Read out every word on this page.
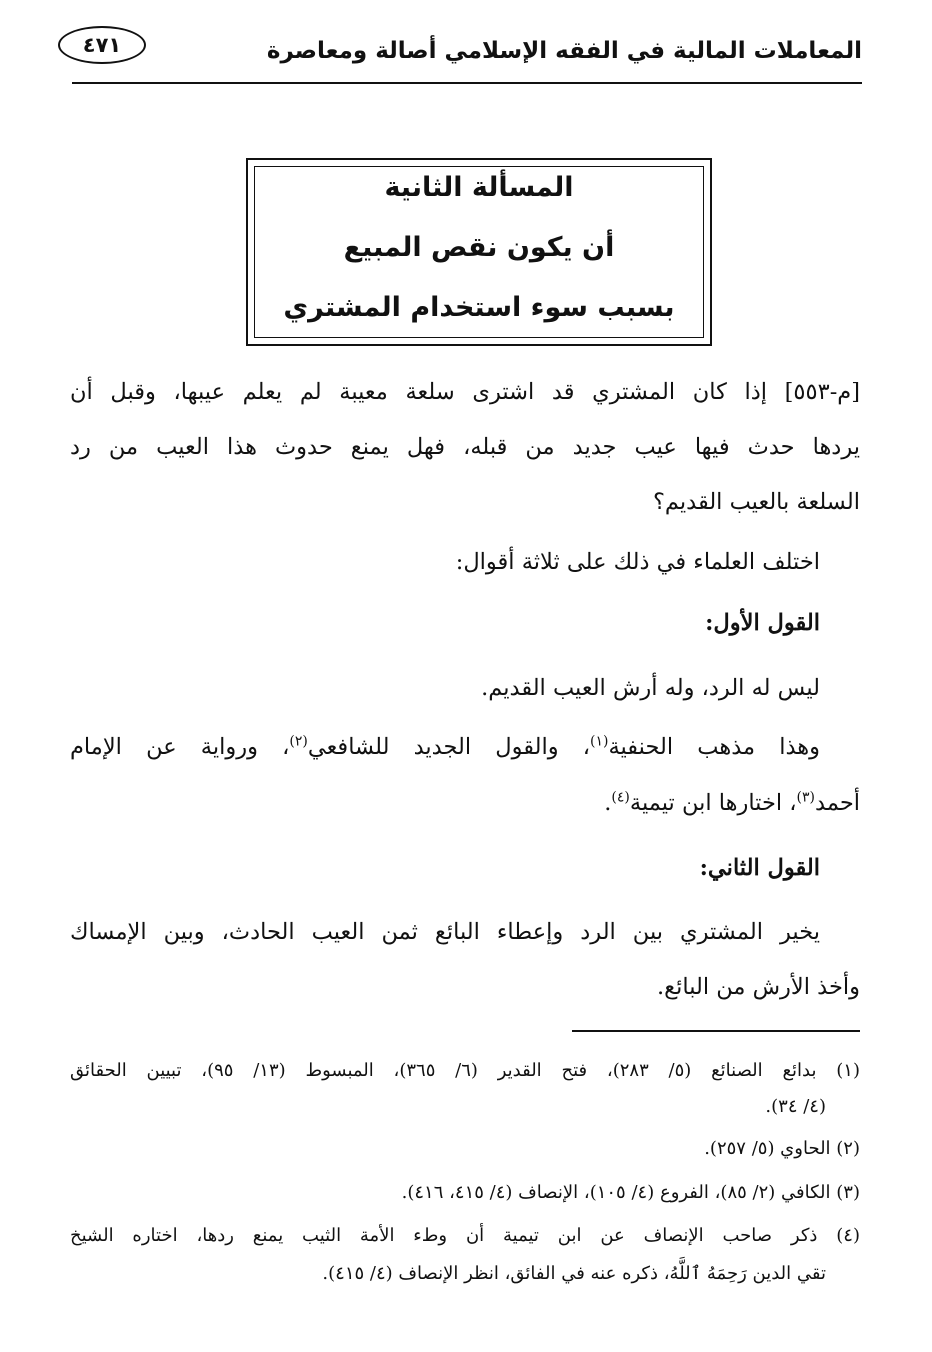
المعاملات المالية في الفقه الإسلامي أصالة ومعاصرة
٤٧١
المسألة الثانية
أن يكون نقص المبيع
بسبب سوء استخدام المشتري
[م-٥٥٣] إذا كان المشتري قد اشترى سلعة معيبة لم يعلم عيبها، وقبل أن
يردها حدث فيها عيب جديد من قبله، فهل يمنع حدوث هذا العيب من رد
السلعة بالعيب القديم؟
اختلف العلماء في ذلك على ثلاثة أقوال:
القول الأول:
ليس له الرد، وله أرش العيب القديم.
وهذا مذهب الحنفية$^{(١)}$، والقول الجديد للشافعي$^{(٢)}$، ورواية عن الإمام
أحمد$^{(٣)}$، اختارها ابن تيمية$^{(٤)}$.
القول الثاني:
يخير المشتري بين الرد وإعطاء البائع ثمن العيب الحادث، وبين الإمساك
وأخذ الأرش من البائع.
(١) بدائع الصنائع (٥/ ٢٨٣)، فتح القدير (٦/ ٣٦٥)، المبسوط (١٣/ ٩٥)، تبيين الحقائق
(٤/ ٣٤).
(٢) الحاوي (٥/ ٢٥٧).
(٣) الكافي (٢/ ٨٥)، الفروع (٤/ ١٠٥)، الإنصاف (٤/ ٤١٥، ٤١٦).
(٤) ذكر صاحب الإنصاف عن ابن تيمية أن وطء الأمة الثيب يمنع ردها، اختاره الشيخ
تقي الدين رَحِمَهُ ٱللَّهُ، ذكره عنه في الفائق، انظر الإنصاف (٤/ ٤١٥).
